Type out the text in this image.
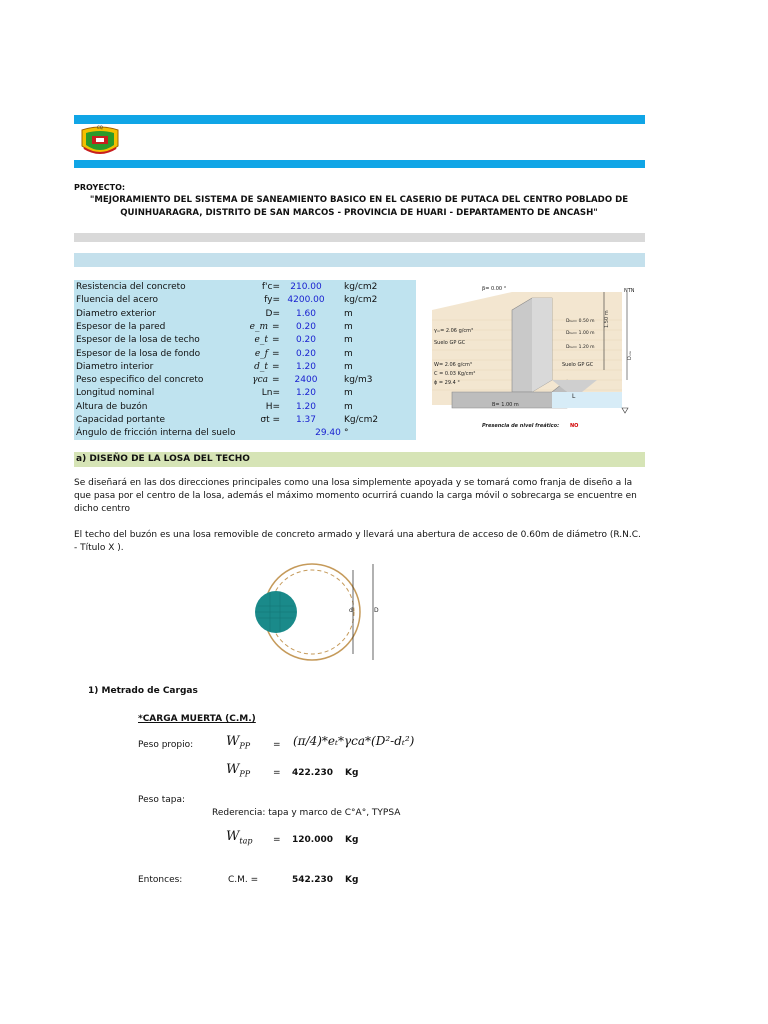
CQ
PROYECTO:
"MEJORAMIENTO DEL SISTEMA DE SANEAMIENTO BASICO EN EL CASERIO DE PUTACA DEL CENTRO POBLADO DE
QUINHUARAGRA, DISTRITO DE SAN MARCOS - PROVINCIA DE HUARI - DEPARTAMENTO DE ANCASH"
Resistencia del concreto	f'c=	210.00	kg/cm2
Fluencia del acero	fy= 4200.00	kg/cm2
Diametro exterior	D=	1.60	m
Espesor de la pared	e_m =	0.20	m
Espesor de la losa de techo	e_t =	0.20	m
Espesor de la losa de fondo	e_f =	0.20	m
Diametro interior	d_t =	1.20	m
Peso especifico del concreto	γca =	2400	kg/m3
Longitud nominal	Ln=	1.20	m
Altura de buzón	H=	1.20	m
Capacidad portante	σt =	1.37	Kg/cm2
Ángulo de fricción interna del suelo	29.40 °
1.50 m
Dₓₗₐ
β= 0.00 °	NTN
γₘ= 2.06 g/cm³
Suelo GP GC
W= 2.06 g/cm³
C = 0.03 Kg/cm²
ϕ = 29.4 °
Dₗₗₐₗ= 0.50 m
Dₗₗₐₗ= 1.00 m
Dₗₗₐₗ= 1.20 m
Suelo GP GC
B= 1.00 m
L
Presencia de nivel freático: NO
a) DISEÑO DE LA LOSA DEL TECHO
Se diseñará en las dos direcciones principales como una losa simplemente apoyada y se tomará como franja de diseño a la que pasa por el centro de la losa, además el máximo momento ocurrirá cuando la carga móvil o sobrecarga se encuentre en dicho centro
El techo del buzón es una losa removible de concreto armado y llevará una abertura de acceso de 0.60m de diámetro (R.N.C. - Título X ).
d	D
1) Metrado de Cargas
*CARGA MUERTA (C.M.)
Peso propio:	$W_{PP}$	= (π/4)*eₜ*γca*(D²-dₜ²)
$W_{PP}$	= 422.230 Kg
Peso tapa:
Rederencia: tapa y marco de C°A°, TYPSA
$W_{tap} = 120.000$ Kg
Entonces:	C.M. =	542.230 Kg
